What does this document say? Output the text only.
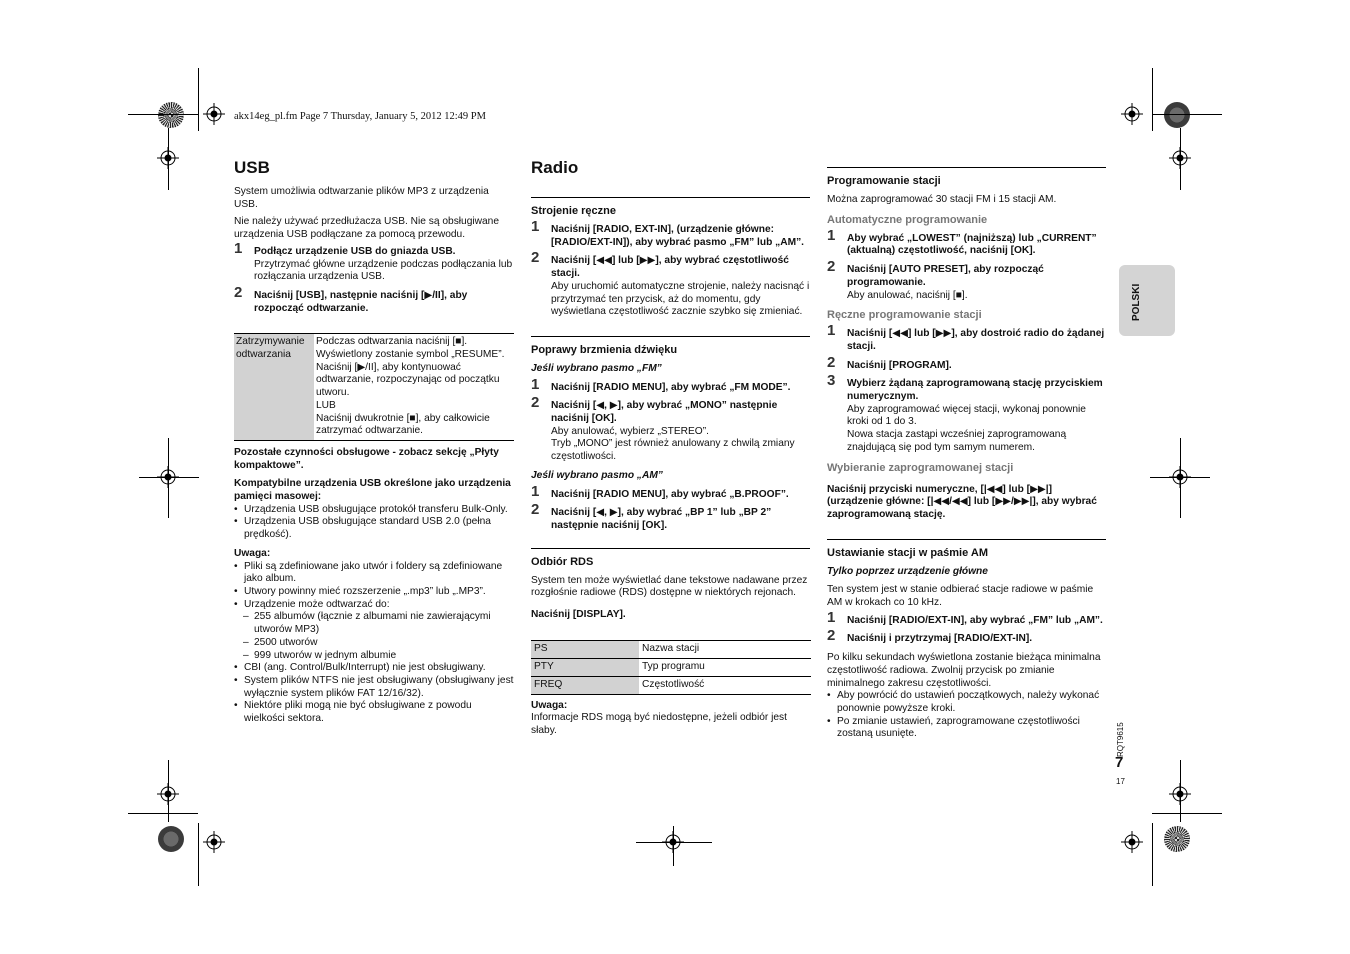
akx14eg_pl.fm Page 7 Thursday, January 5, 2012 12:49 PM
USB

System umożliwia odtwarzanie plików MP3 z urządzenia USB.

Nie należy używać przedłużacza USB. Nie są obsługiwane urządzenia USB podłączane za pomocą przewodu.

1 Podłącz urządzenie USB do gniazda USB.
Przytrzymać główne urządzenie podczas podłączania lub rozłączania urządzenia USB.
2 Naciśnij [USB], następnie naciśnij [▶/II], aby rozpocząć odtwarzanie.
Zatrzymywanie odtwarzania	
Podczas odtwarzania naciśnij [■].
Wyświetlony zostanie symbol „RESUME”.
Naciśnij [▶/II], aby kontynuować odtwarzanie, rozpoczynając od początku utworu.
LUB
Naciśnij dwukrotnie [■], aby całkowicie zatrzymać odtwarzanie.

Pozostałe czynności obsługowe - zobacz sekcję „Płyty kompaktowe”.

Kompatybilne urządzenia USB określone jako urządzenia pamięci masowej:

• Urządzenia USB obsługujące protokół transferu Bulk-Only.
• Urządzenia USB obsługujące standard USB 2.0 (pełna prędkość).

Uwaga:

• Pliki są zdefiniowane jako utwór i foldery są zdefiniowane jako album.
• Utwory powinny mieć rozszerzenie „.mp3” lub „.MP3”.
• Urządzenie może odtwarzać do:
– 255 albumów (łącznie z albumami nie zawierającymi utworów MP3)
– 2500 utworów
– 999 utworów w jednym albumie
• CBI (ang. Control/Bulk/Interrupt) nie jest obsługiwany.
• System plików NTFS nie jest obsługiwany (obsługiwany jest wyłącznie system plików FAT 12/16/32).
• Niektóre pliki mogą nie być obsługiwane z powodu wielkości sektora.
Radio
Strojenie ręczne
1 Naciśnij [RADIO, EXT-IN], (urządzenie główne: [RADIO/EXT-IN]), aby wybrać pasmo „FM” lub „AM”.
2 Naciśnij [◀◀] lub [▶▶], aby wybrać częstotliwość stacji.
Aby uruchomić automatyczne strojenie, należy nacisnąć i przytrzymać ten przycisk, aż do momentu, gdy wyświetlana częstotliwość zacznie szybko się zmieniać.
Poprawy brzmienia dźwięku
Jeśli wybrano pasmo „FM”
1 Naciśnij [RADIO MENU], aby wybrać „FM MODE”.
2 Naciśnij [◀, ▶], aby wybrać „MONO” następnie naciśnij [OK].
Aby anulować, wybierz „STEREO”.
Tryb „MONO” jest również anulowany z chwilą zmiany częstotliwości.
Jeśli wybrano pasmo „AM”
1 Naciśnij [RADIO MENU], aby wybrać „B.PROOF”.
2 Naciśnij [◀, ▶], aby wybrać „BP 1” lub „BP 2” następnie naciśnij [OK].
Odbiór RDS

System ten może wyświetlać dane tekstowe nadawane przez rozgłośnie radiowe (RDS) dostępne w niektórych rejonach.

Naciśnij [DISPLAY].

PS	Nazwa stacji
PTY	Typ programu
FREQ	Częstotliwość

Uwaga:

Informacje RDS mogą być niedostępne, jeżeli odbiór jest słaby.

Programowanie stacji

Można zaprogramować 30 stacji FM i 15 stacji AM.

Automatyczne programowanie
1 Aby wybrać „LOWEST” (najniższą) lub „CURRENT” (aktualną) częstotliwość, naciśnij [OK].
2 Naciśnij [AUTO PRESET], aby rozpocząć programowanie.
Aby anulować, naciśnij [■].
Ręczne programowanie stacji
1 Naciśnij [◀◀] lub [▶▶], aby dostroić radio do żądanej stacji.
2 Naciśnij [PROGRAM].
3 Wybierz żądaną zaprogramowaną stację przyciskiem numerycznym.
Aby zaprogramować więcej stacji, wykonaj ponownie kroki od 1 do 3.
Nowa stacja zastąpi wcześniej zaprogramowaną znajdującą się pod tym samym numerem.
Wybieranie zaprogramowanej stacji

Naciśnij przyciski numeryczne, [|◀◀] lub [▶▶|] (urządzenie główne: [|◀◀/◀◀] lub [▶▶/▶▶|], aby wybrać zaprogramowaną stację.

Ustawianie stacji w paśmie AM
Tylko poprzez urządzenie główne

Ten system jest w stanie odbierać stacje radiowe w paśmie AM w krokach co 10 kHz.

1 Naciśnij [RADIO/EXT-IN], aby wybrać „FM” lub „AM”.
2 Naciśnij i przytrzymaj [RADIO/EXT-IN].

Po kilku sekundach wyświetlona zostanie bieżąca minimalna częstotliwość radiowa. Zwolnij przycisk po zmianie minimalnego zakresu częstotliwości.

• Aby powrócić do ustawień początkowych, należy wykonać ponownie powyższe kroki.
• Po zmianie ustawień, zaprogramowane częstotliwości zostaną usunięte.
POLSKI
RQT9615
7
17
